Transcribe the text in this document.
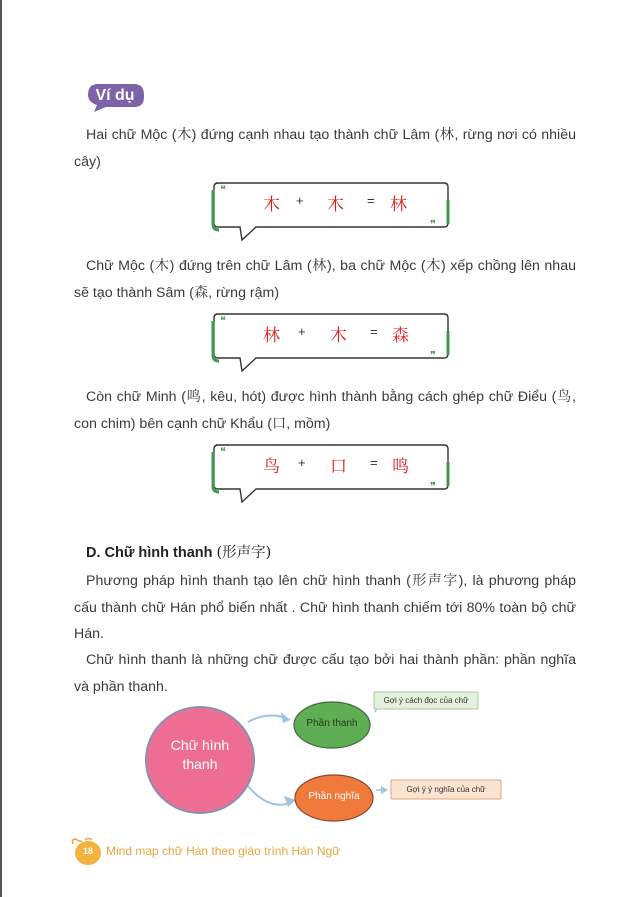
Ví dụ
Hai chữ Mộc (木) đứng cạnh nhau tạo thành chữ Lâm (林, rừng nơi có nhiều cây)
❝
❞
木 + 木 = 林
Chữ Mộc (木) đứng trên chữ Lâm (林), ba chữ Mộc (木) xếp chồng lên nhau sẽ tạo thành Sâm (森, rừng rậm)
❝
❞
林 + 木 = 森
Còn chữ Minh (鸣, kêu, hót) được hình thành bằng cách ghép chữ Điểu (鸟, con chim) bên cạnh chữ Khẩu (口, mồm)
❝
❞
鸟 + 口 = 鸣
D. Chữ hình thanh (形声字)
Phương pháp hình thanh tạo lên chữ hình thanh (形声字), là phương pháp cấu thành chữ Hán phổ biến nhất . Chữ hình thanh chiếm tới 80% toàn bộ chữ Hán.
Chữ hình thanh là những chữ được cấu tạo bởi hai thành phần: phần nghĩa và phần thanh.
Chữ hình
thanh
Phần thanh
Phần nghĩa
Gợi ý cách đọc của chữ
Gợi ý ý nghĩa của chữ
18	Mind map chữ Hán theo giáo trình Hán Ngữ
